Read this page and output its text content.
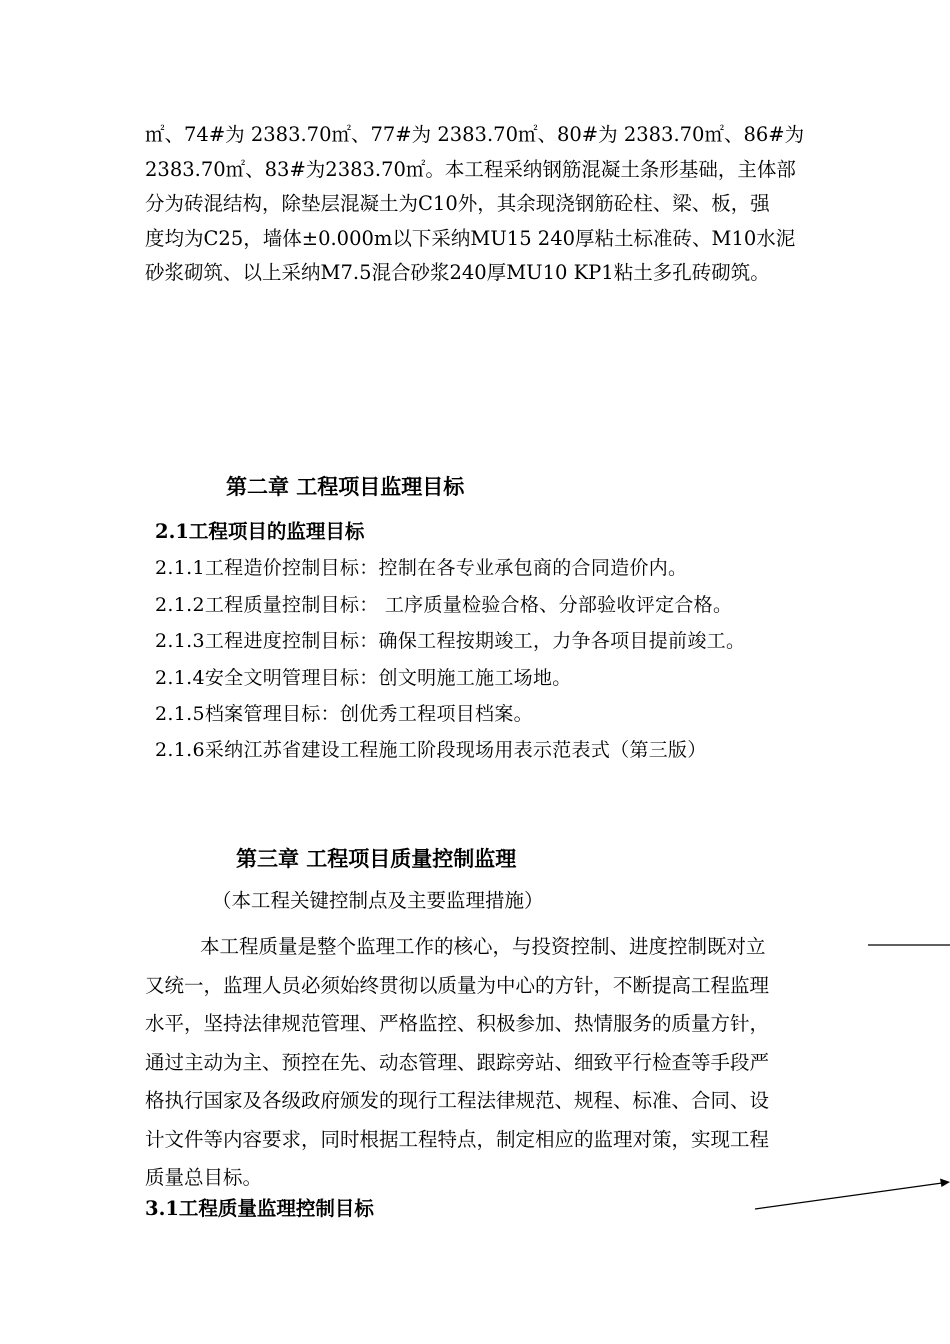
㎡、74#为 2383.70㎡、77#为 2383.70㎡、80#为 2383.70㎡、86#为
2383.70㎡、83#为2383.70㎡。本工程采纳钢筋混凝土条形基础，主体部
分为砖混结构，除垫层混凝土为C10外，其余现浇钢筋砼柱、梁、板，强
度均为C25，墙体±0.000m以下采纳MU15 240厚粘土标准砖、M10水泥
砂浆砌筑、以上采纳M7.5混合砂浆240厚MU10 KP1粘土多孔砖砌筑。
第二章 工程项目监理目标
2.1工程项目的监理目标

2.1.1工程造价控制目标：控制在各专业承包商的合同造价内。

2.1.2工程质量控制目标： 工序质量检验合格、分部验收评定合格。

2.1.3工程进度控制目标：确保工程按期竣工，力争各项目提前竣工。

2.1.4安全文明管理目标：创文明施工施工场地。

2.1.5档案管理目标：创优秀工程项目档案。

2.1.6采纳江苏省建设工程施工阶段现场用表示范表式（第三版）

第三章 工程项目质量控制监理

（本工程关键控制点及主要监理措施）

本工程质量是整个监理工作的核心，与投资控制、进度控制既对立
又统一，监理人员必须始终贯彻以质量为中心的方针，不断提高工程监理
水平，坚持法律规范管理、严格监控、积极参加、热情服务的质量方针，
通过主动为主、预控在先、动态管理、跟踪旁站、细致平行检查等手段严
格执行国家及各级政府颁发的现行工程法律规范、规程、标准、合同、设
计文件等内容要求，同时根据工程特点，制定相应的监理对策，实现工程
质量总目标。
3.1工程质量监理控制目标
